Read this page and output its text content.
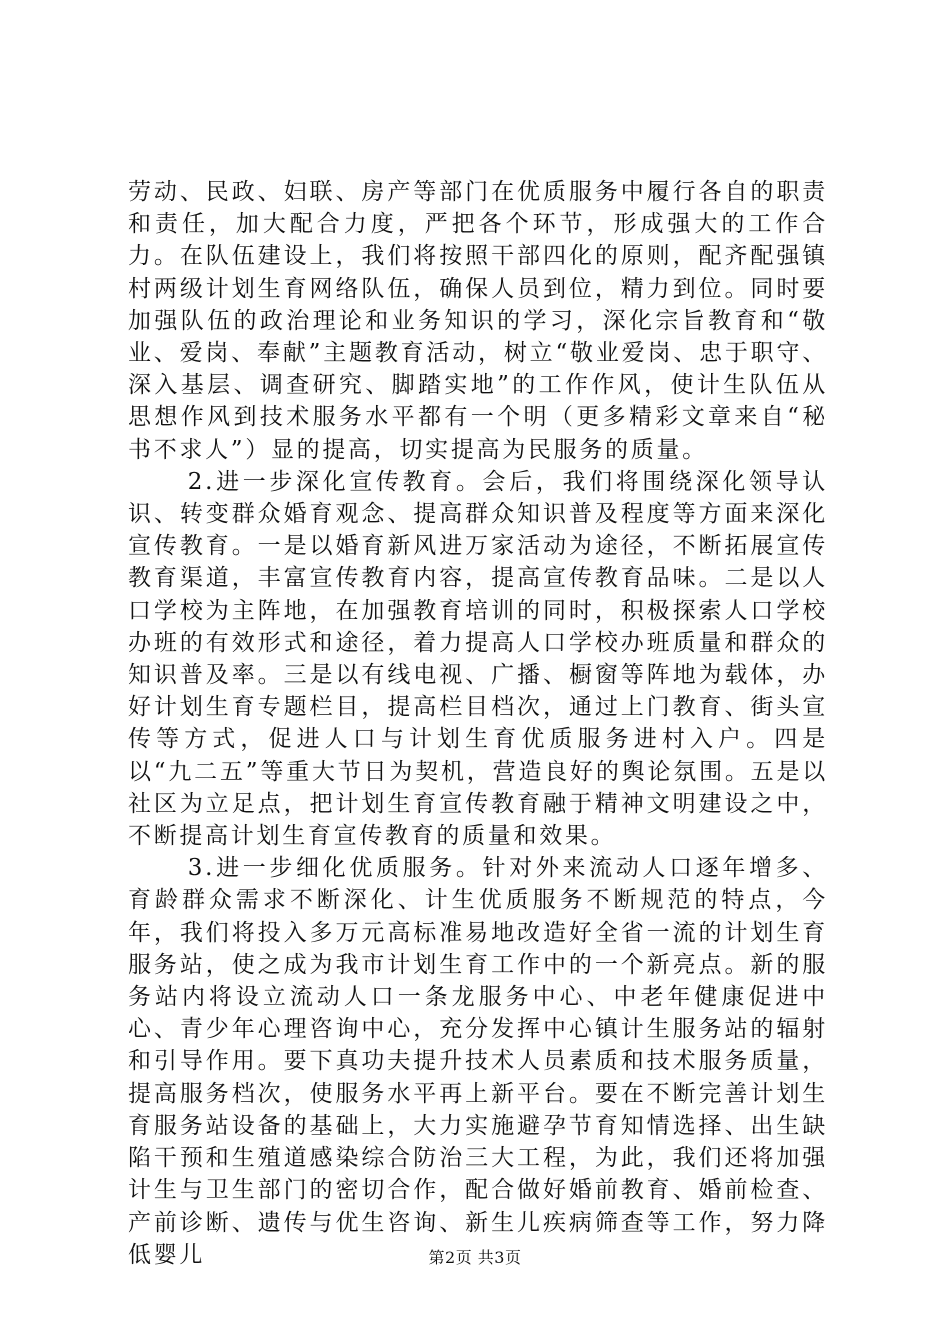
劳动、民政、妇联、房产等部门在优质服务中履行各自的职责和责任，加大配合力度，严把各个环节，形成强大的工作合力。在队伍建设上，我们将按照干部四化的原则，配齐配强镇村两级计划生育网络队伍，确保人员到位，精力到位。同时要加强队伍的政治理论和业务知识的学习，深化宗旨教育和“敬业、爱岗、奉献”主题教育活动，树立“敬业爱岗、忠于职守、深入基层、调查研究、脚踏实地”的工作作风，使计生队伍从思想作风到技术服务水平都有一个明（更多精彩文章来自“秘书不求人”）显的提高，切实提高为民服务的质量。

2.进一步深化宣传教育。会后，我们将围绕深化领导认识、转变群众婚育观念、提高群众知识普及程度等方面来深化宣传教育。一是以婚育新风进万家活动为途径，不断拓展宣传教育渠道，丰富宣传教育内容，提高宣传教育品味。二是以人口学校为主阵地，在加强教育培训的同时，积极探索人口学校办班的有效形式和途径，着力提高人口学校办班质量和群众的知识普及率。三是以有线电视、广播、橱窗等阵地为载体，办好计划生育专题栏目，提高栏目档次，通过上门教育、街头宣传等方式，促进人口与计划生育优质服务进村入户。四是以“九二五”等重大节日为契机，营造良好的舆论氛围。五是以社区为立足点，把计划生育宣传教育融于精神文明建设之中，不断提高计划生育宣传教育的质量和效果。

3.进一步细化优质服务。针对外来流动人口逐年增多、育龄群众需求不断深化、计生优质服务不断规范的特点，今年，我们将投入多万元高标准易地改造好全省一流的计划生育服务站，使之成为我市计划生育工作中的一个新亮点。新的服务站内将设立流动人口一条龙服务中心、中老年健康促进中心、青少年心理咨询中心，充分发挥中心镇计生服务站的辐射和引导作用。要下真功夫提升技术人员素质和技术服务质量，提高服务档次，使服务水平再上新平台。要在不断完善计划生育服务站设备的基础上，大力实施避孕节育知情选择、出生缺陷干预和生殖道感染综合防治三大工程，为此，我们还将加强计生与卫生部门的密切合作，配合做好婚前教育、婚前检查、产前诊断、遗传与优生咨询、新生儿疾病筛查等工作，努力降低婴儿	第2页 共3页
